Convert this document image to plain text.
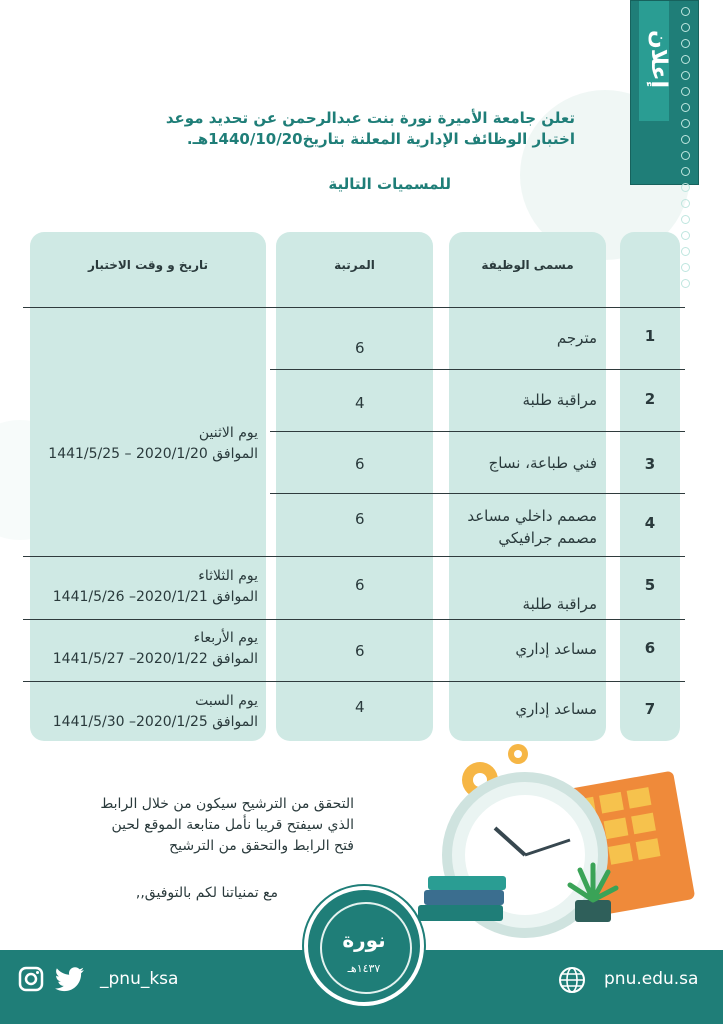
إعلان
تعلن جامعة الأميرة نورة بنت عبدالرحمن عن تحديد موعد
اختبار الوظائف الإدارية المعلنة بتاريخ1440/10/20هـ.
للمسميات التالية
مسمى الوظيفة
المرتبة
تاريخ و وقت الاختبار
1
مترجم
6
2
مراقبة طلبة
4
3
فني طباعة، نساج
6
4
مصمم داخلي مساعد
مصمم جرافيكي
6
5
مراقبة طلبة
6
6
مساعد إداري
6
7
مساعد إداري
4
يوم الاثنين
الموافق 2020/1/20 – 1441/5/25
يوم الثلاثاء
الموافق 2020/1/21– 1441/5/26
يوم الأربعاء
الموافق 2020/1/22– 1441/5/27
يوم السبت
الموافق 2020/1/25– 1441/5/30
التحقق من الترشيح سيكون من خلال الرابط
الذي سيفتح قريبا نأمل متابعة الموقع لحين
فتح الرابط والتحقق من الترشيح
مع تمنياتنا لكم بالتوفيق,,
_pnu_ksa	pnu.edu.sa
نورة
١٤٣٧هـ
